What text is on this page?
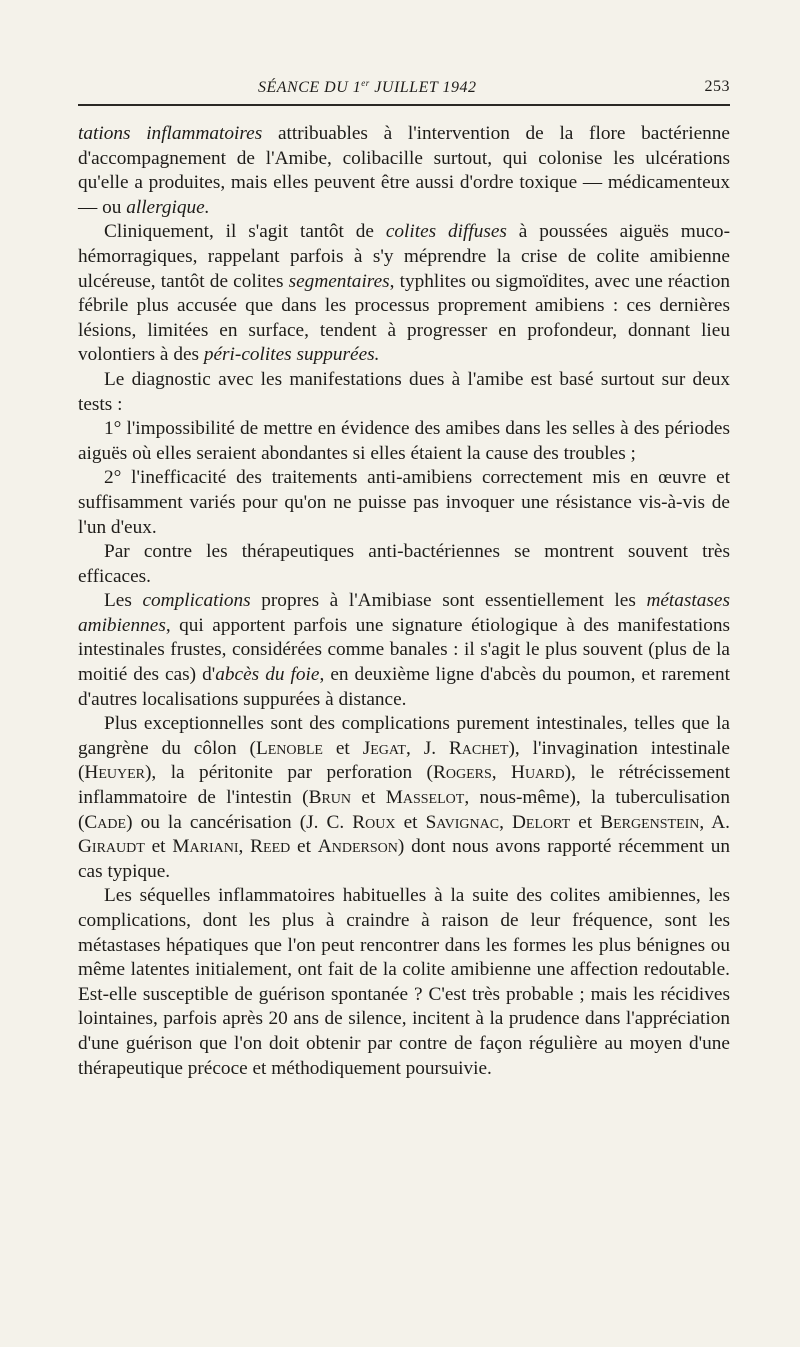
SÉANCE DU 1er JUILLET 1942	253

tations inflammatoires attribuables à l'intervention de la flore bactérienne d'accompagnement de l'Amibe, colibacille surtout, qui colonise les ulcérations qu'elle a produites, mais elles peuvent être aussi d'ordre toxique — médicamenteux — ou allergique.

Cliniquement, il s'agit tantôt de colites diffuses à poussées aiguës muco-hémorragiques, rappelant parfois à s'y méprendre la crise de colite amibienne ulcéreuse, tantôt de colites segmentaires, typhlites ou sigmoïdites, avec une réaction fébrile plus accusée que dans les processus proprement amibiens : ces dernières lésions, limitées en surface, tendent à progresser en profondeur, donnant lieu volontiers à des péri-colites suppurées.

Le diagnostic avec les manifestations dues à l'amibe est basé surtout sur deux tests :

1° l'impossibilité de mettre en évidence des amibes dans les selles à des périodes aiguës où elles seraient abondantes si elles étaient la cause des troubles ;

2° l'inefficacité des traitements anti-amibiens correctement mis en œuvre et suffisamment variés pour qu'on ne puisse pas invoquer une résistance vis-à-vis de l'un d'eux.

Par contre les thérapeutiques anti-bactériennes se montrent souvent très efficaces.

Les complications propres à l'Amibiase sont essentiellement les métastases amibiennes, qui apportent parfois une signature étiologique à des manifestations intestinales frustes, considérées comme banales : il s'agit le plus souvent (plus de la moitié des cas) d'abcès du foie, en deuxième ligne d'abcès du poumon, et rarement d'autres localisations suppurées à distance.

Plus exceptionnelles sont des complications purement intestinales, telles que la gangrène du côlon (Lenoble et Jegat, J. Rachet), l'invagination intestinale (Heuyer), la péritonite par perforation (Rogers, Huard), le rétrécissement inflammatoire de l'intestin (Brun et Masselot, nous-même), la tuberculisation (Cade) ou la cancérisation (J. C. Roux et Savignac, Delort et Bergenstein, A. Giraudt et Mariani, Reed et Anderson) dont nous avons rapporté récemment un cas typique.

Les séquelles inflammatoires habituelles à la suite des colites amibiennes, les complications, dont les plus à craindre à raison de leur fréquence, sont les métastases hépatiques que l'on peut rencontrer dans les formes les plus bénignes ou même latentes initialement, ont fait de la colite amibienne une affection redoutable. Est-elle susceptible de guérison spontanée ? C'est très probable ; mais les récidives lointaines, parfois après 20 ans de silence, incitent à la prudence dans l'appréciation d'une guérison que l'on doit obtenir par contre de façon régulière au moyen d'une thérapeutique précoce et méthodiquement poursuivie.
